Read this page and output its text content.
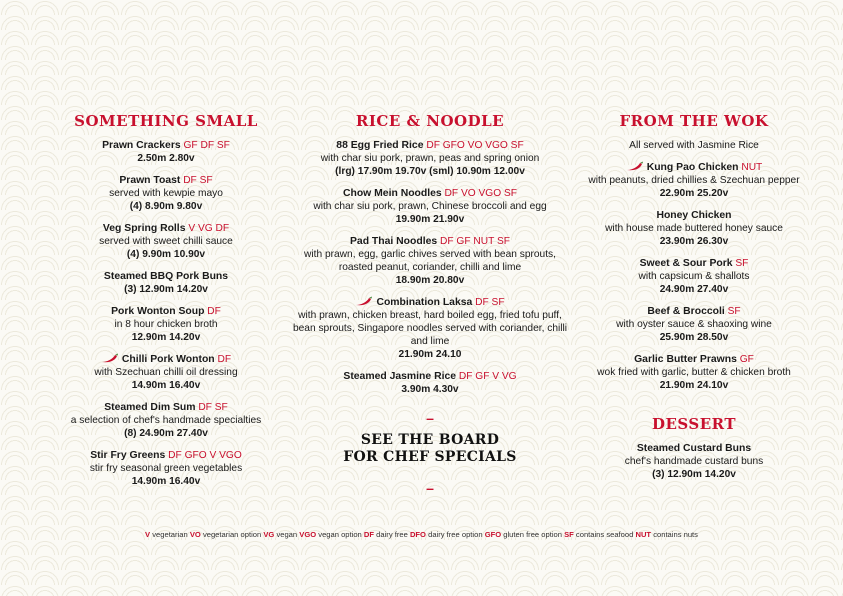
SOMETHING SMALL
Prawn Crackers GF DF SF
2.50m 2.80v
Prawn Toast DF SF
served with kewpie mayo
(4) 8.90m 9.80v
Veg Spring Rolls V VG DF
served with sweet chilli sauce
(4) 9.90m 10.90v
Steamed BBQ Pork Buns
(3) 12.90m 14.20v
Pork Wonton Soup DF
in 8 hour chicken broth
12.90m 14.20v
Chilli Pork Wonton DF
with Szechuan chilli oil dressing
14.90m 16.40v
Steamed Dim Sum DF SF
a selection of chef's handmade specialties
(8) 24.90m 27.40v
Stir Fry Greens DF GFO V VGO
stir fry seasonal green vegetables
14.90m 16.40v
RICE & NOODLE
88 Egg Fried Rice DF GFO VO VGO SF
with char siu pork, prawn, peas and spring onion
(lrg) 17.90m 19.70v (sml) 10.90m 12.00v
Chow Mein Noodles DF VO VGO SF
with char siu pork, prawn, Chinese broccoli and egg
19.90m 21.90v
Pad Thai Noodles DF GF NUT SF
with prawn, egg, garlic chives served with bean sprouts, roasted peanut, coriander, chilli and lime
18.90m 20.80v
Combination Laksa DF SF
with prawn, chicken breast, hard boiled egg, fried tofu puff, bean sprouts, Singapore noodles served with coriander, chilli and lime
21.90m 24.10
Steamed Jasmine Rice DF GF V VG
3.90m 4.30v
–
SEE THE BOARD
FOR CHEF SPECIALS
–
FROM THE WOK
All served with Jasmine Rice
Kung Pao Chicken NUT
with peanuts, dried chillies & Szechuan pepper
22.90m 25.20v
Honey Chicken
with house made buttered honey sauce
23.90m 26.30v
Sweet & Sour Pork SF
with capsicum & shallots
24.90m 27.40v
Beef & Broccoli SF
with oyster sauce & shaoxing wine
25.90m 28.50v
Garlic Butter Prawns GF
wok fried with garlic, butter & chicken broth
21.90m 24.10v
DESSERT
Steamed Custard Buns
chef's handmade custard buns
(3) 12.90m 14.20v
V vegetarian VO vegetarian option VG vegan VGO vegan option DF dairy free DFO dairy free option GFO gluten free option SF contains seafood NUT contains nuts
